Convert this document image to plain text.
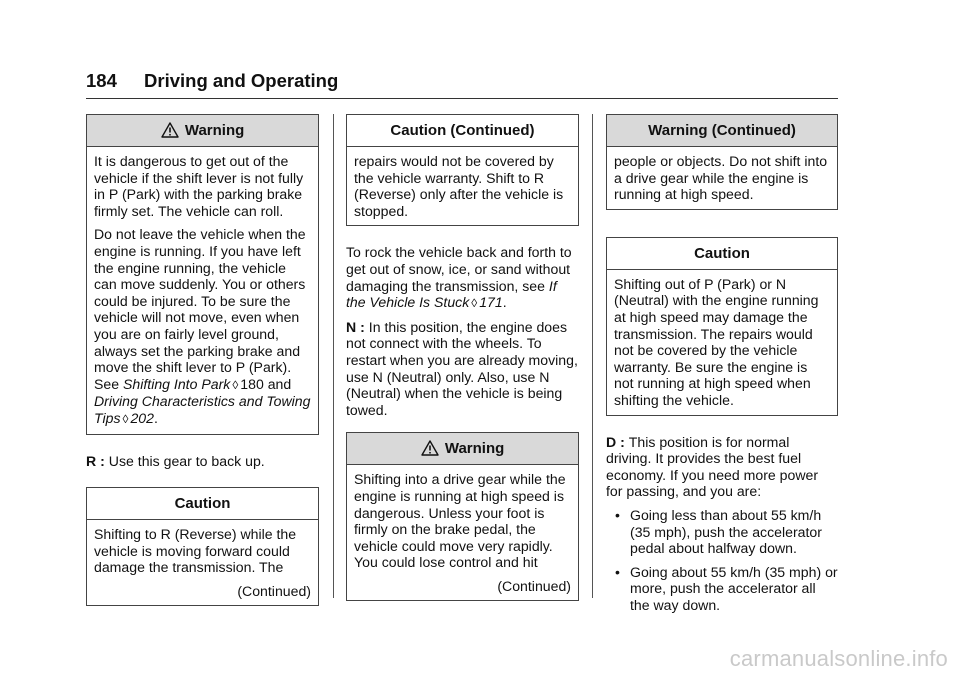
184 Driving and Operating
Warning

It is dangerous to get out of the vehicle if the shift lever is not fully in P (Park) with the parking brake firmly set. The vehicle can roll.

Do not leave the vehicle when the engine is running. If you have left the engine running, the vehicle can move suddenly. You or others could be injured. To be sure the vehicle will not move, even when you are on fairly level ground, always set the parking brake and move the shift lever to P (Park). See Shifting Into Park ◊ 180 and Driving Characteristics and Towing Tips ◊ 202.

R : Use this gear to back up.

Caution

Shifting to R (Reverse) while the vehicle is moving forward could damage the transmission. The

(Continued)

Caution (Continued)

repairs would not be covered by the vehicle warranty. Shift to R (Reverse) only after the vehicle is stopped.

To rock the vehicle back and forth to get out of snow, ice, or sand without damaging the transmission, see If the Vehicle Is Stuck ◊ 171.

N : In this position, the engine does not connect with the wheels. To restart when you are already moving, use N (Neutral) only. Also, use N (Neutral) when the vehicle is being towed.

Warning

Shifting into a drive gear while the engine is running at high speed is dangerous. Unless your foot is firmly on the brake pedal, the vehicle could move very rapidly. You could lose control and hit

(Continued)

Warning (Continued)

people or objects. Do not shift into a drive gear while the engine is running at high speed.

Caution

Shifting out of P (Park) or N (Neutral) with the engine running at high speed may damage the transmission. The repairs would not be covered by the vehicle warranty. Be sure the engine is not running at high speed when shifting the vehicle.

D : This position is for normal driving. It provides the best fuel economy. If you need more power for passing, and you are:

• Going less than about 55 km/h (35 mph), push the accelerator pedal about halfway down.
• Going about 55 km/h (35 mph) or more, push the accelerator all the way down.
carmanualsonline.info
